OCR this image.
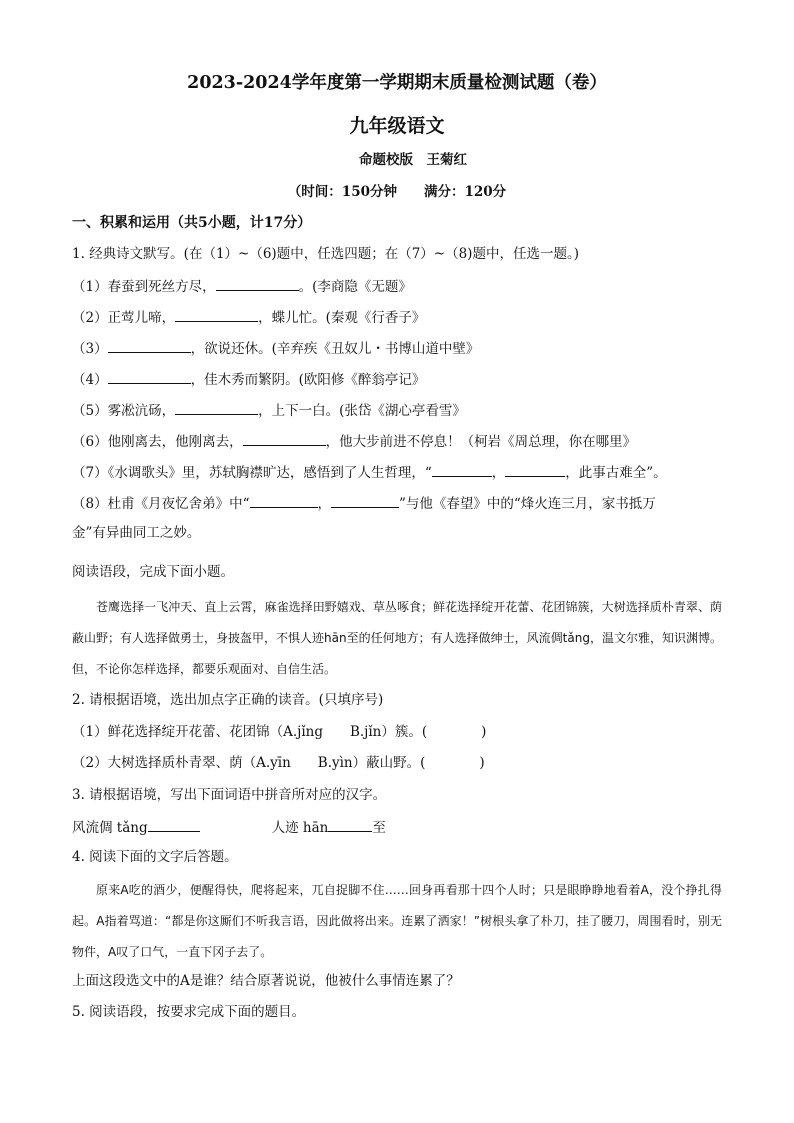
2023-2024学年度第一学期期末质量检测试题（卷）
九年级语文
命题校版　王菊红
（时间：150分钟　　满分：120分
一、积累和运用（共5小题，计17分）
1. 经典诗文默写。(在（1）~（6)题中，任选四题；在（7）~（8)题中，任选一题。)
（1）春蚕到死丝方尽，	。(李商隐《无题》
（2）正莺儿啼，	，蝶儿忙。(秦观《行香子》
（3）	，欲说还休。(辛弃疾《丑奴儿・书博山道中壁》
（4）	，佳木秀而繁阴。(欧阳修《醉翁亭记》
（5）雾凇沆砀，	，上下一白。(张岱《湖心亭看雪》
（6）他刚离去，他刚离去，	，他大步前进不停息！（柯岩《周总理，你在哪里》
（7）《水调歌头》里，苏轼胸襟旷达，感悟到了人生哲理，“	，	，此事古难全”。
（8）杜甫《月夜忆舍弟》中“	，	”与他《春望》中的“烽火连三月，家书抵万
金”有异曲同工之妙。
阅读语段，完成下面小题。
苍鹰选择一飞冲天、直上云霄，麻雀选择田野嬉戏、草丛啄食；鲜花选择绽开花蕾、花团锦簇，大树选择质朴青翠、荫蔽山野；有人选择做勇士，身披盔甲，不惧人迹hān至的任何地方；有人选择做绅士，风流倜tǎng，温文尔雅，知识渊博。但，不论你怎样选择，都要乐观面对、自信生活。
2. 请根据语境，选出加点字正确的读音。(只填序号)
（1）鲜花选择绽开花蕾、花团锦（A.jǐng　　B.jǐn）簇。(　　　　)
（2）大树选择质朴青翠、荫（A.yīn　　B.yìn）蔽山野。(　　　　)
3. 请根据语境，写出下面词语中拼音所对应的汉字。
风流倜 tǎng	人迹 hān	至
4. 阅读下面的文字后答题。
原来A吃的酒少，便醒得快，爬将起来，兀自捉脚不住……回身再看那十四个人时；只是眼睁睁地看着A，没个挣扎得起。A指着骂道：“都是你这厮们不听我言语，因此做将出来。连累了洒家！”树根头拿了朴刀，挂了腰刀，周围看时，别无物件，A叹了口气，一直下冈子去了。
上面这段选文中的A是谁？结合原著说说，他被什么事情连累了？
5. 阅读语段，按要求完成下面的题目。
